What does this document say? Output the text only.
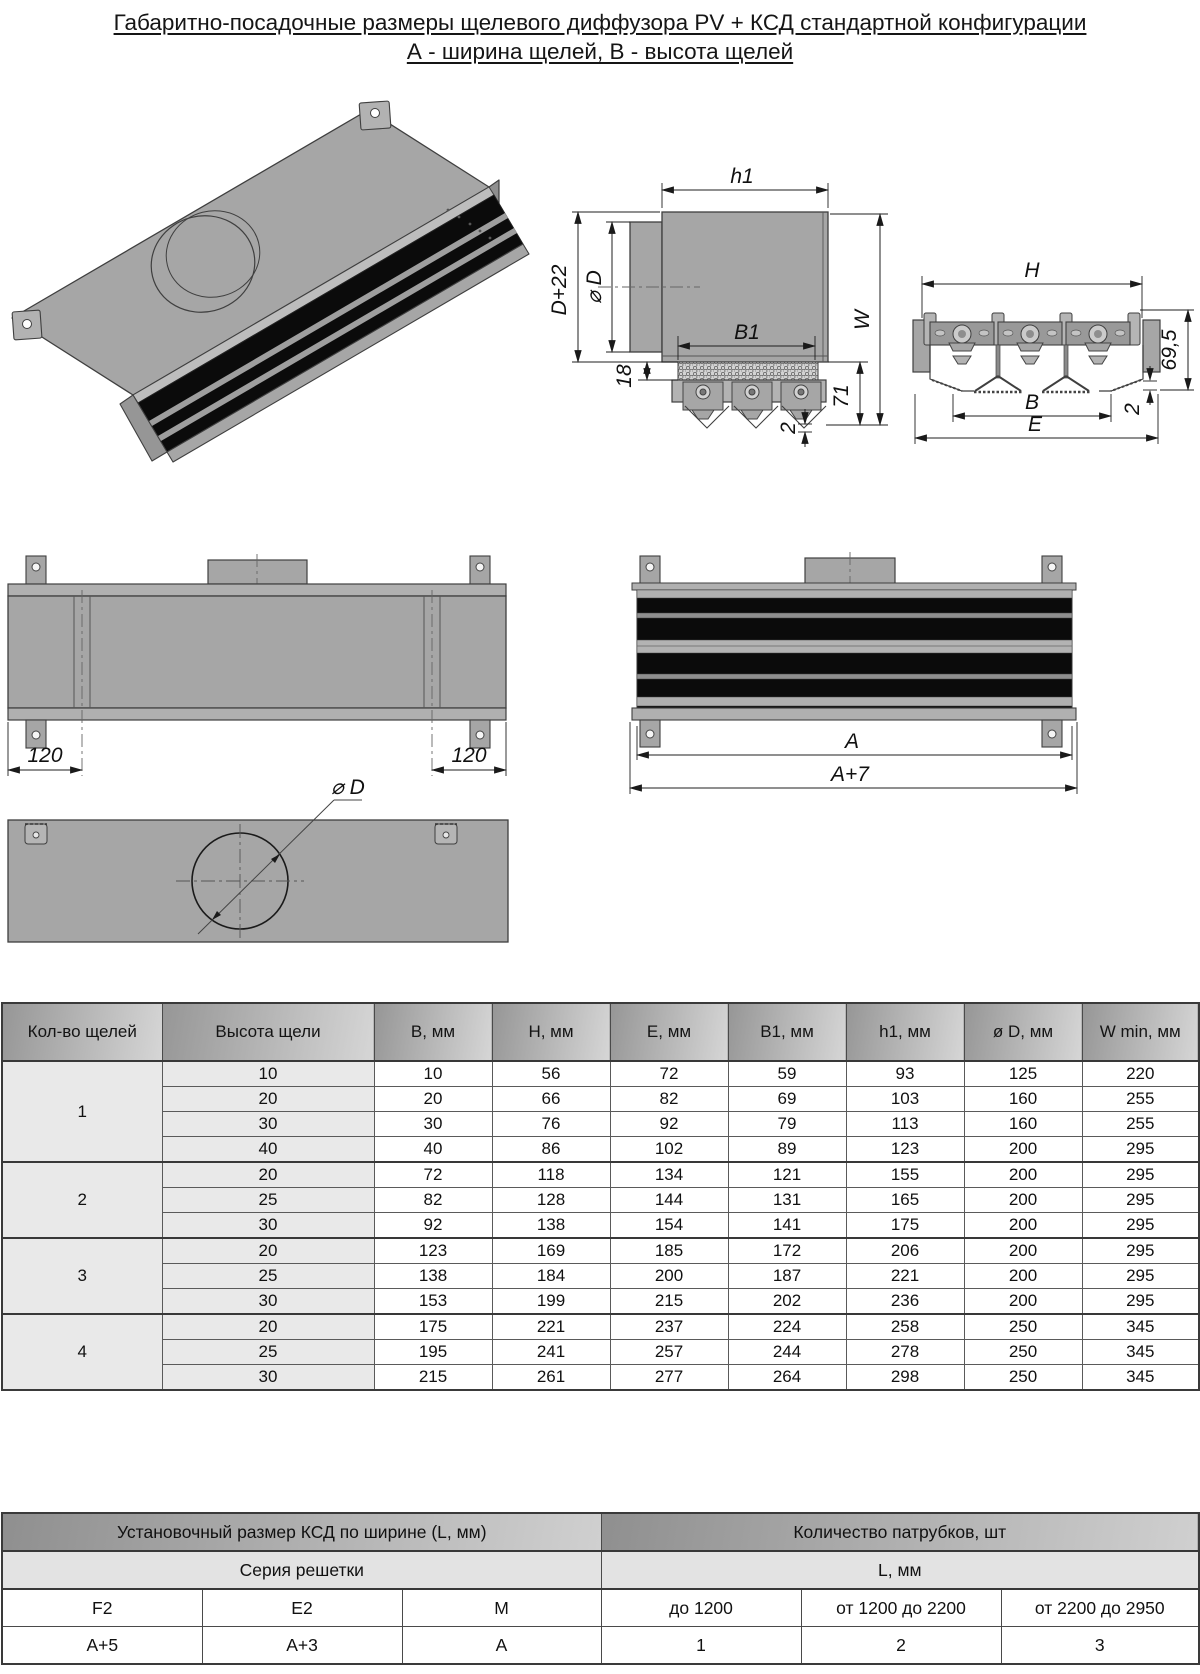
Габаритно-посадочные размеры щелевого диффузора PV + КСД стандартной конфигурации
А - ширина щелей, В - высота щелей
h1
D+22 ⌀ D
B1
18
71
2
W
H
69,5
2
B
E
120	120
A
A+7
⌀ D
Кол-во щелей	Высота щели	B, мм	H, мм	E, мм	B1, мм	h1, мм	ø D, мм	W min, мм
1	10	10	56	72	59	93	125	220
	20	20	66	82	69	103	160	255
	30	30	76	92	79	113	160	255
	40	40	86	102	89	123	200	295
2	20	72	118	134	121	155	200	295
	25	82	128	144	131	165	200	295
	30	92	138	154	141	175	200	295
3	20	123	169	185	172	206	200	295
	25	138	184	200	187	221	200	295
	30	153	199	215	202	236	200	295
4	20	175	221	237	224	258	250	345
	25	195	241	257	244	278	250	345
	30	215	261	277	264	298	250	345
Установочный размер КСД по ширине (L, мм)			Количество патрубков, шт		
Серия решетки			L, мм		
F2	E2	M	до 1200	от 1200 до 2200	от 2200 до 2950
А+5	А+3	А	1	2	3
